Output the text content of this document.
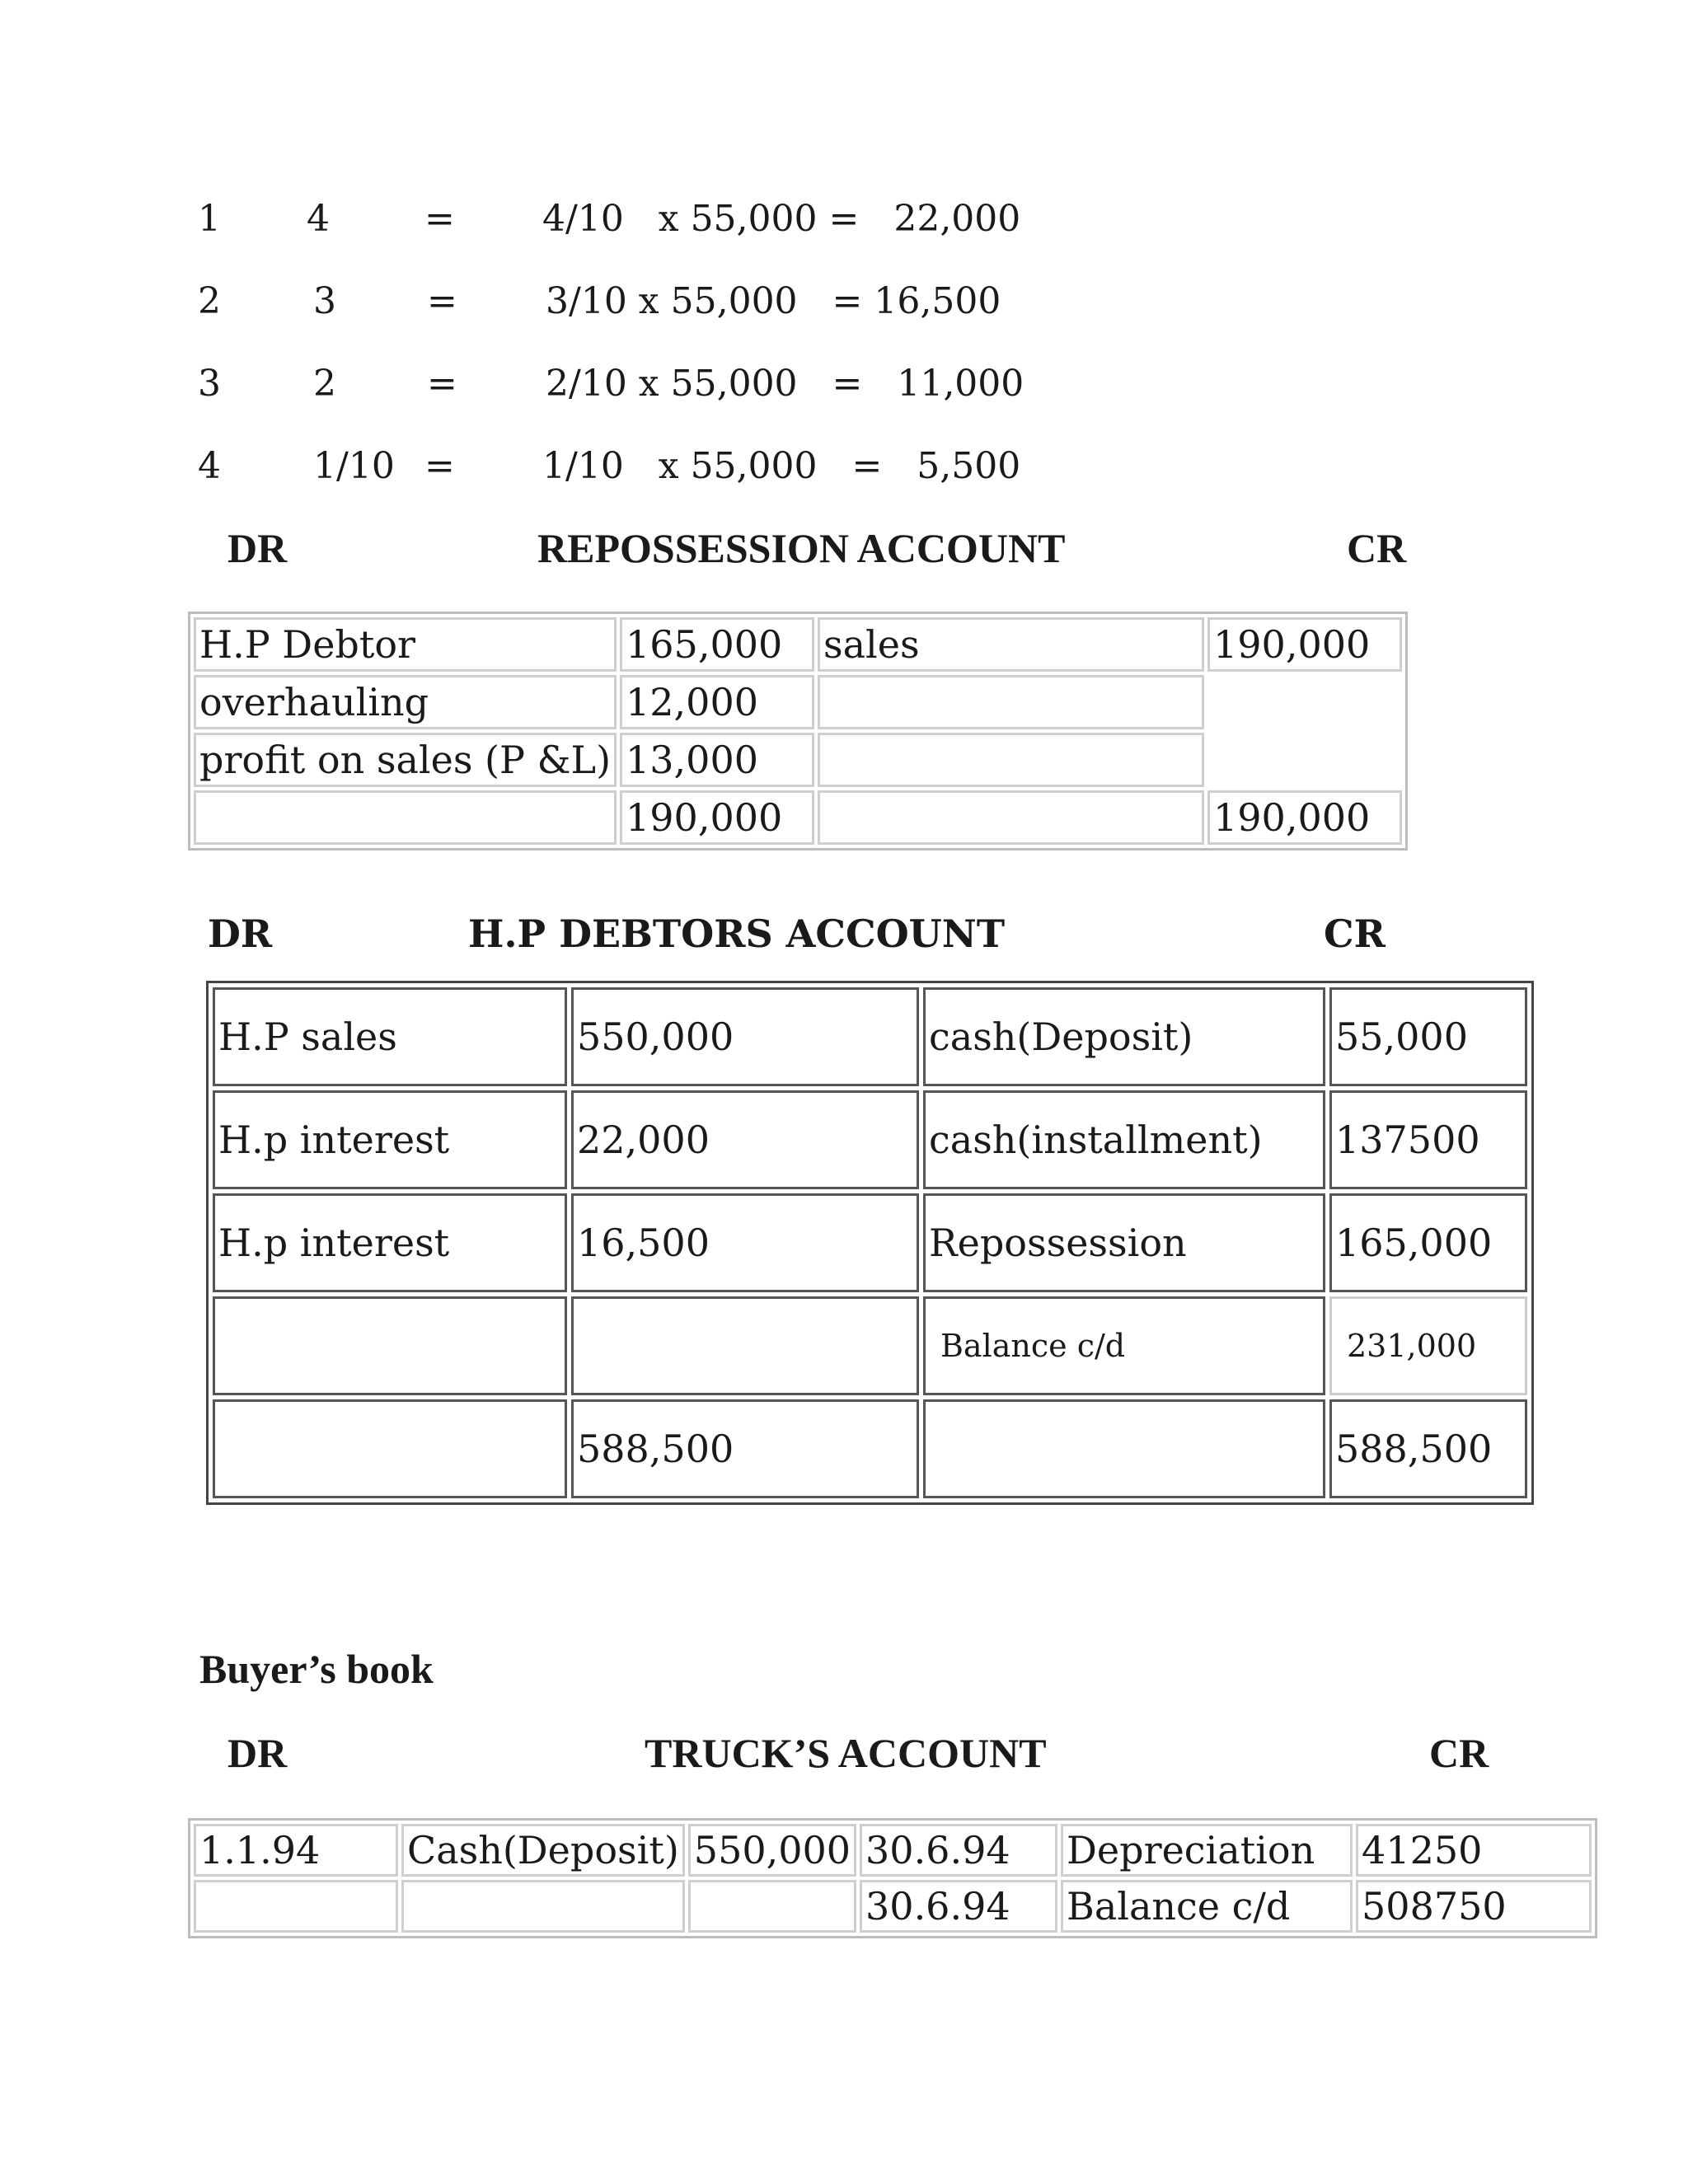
1 4	= 4/10   x 55,000 =   22,000
2	3	= 3/10 x 55,000   = 16,500
3	2	= 2/10 x 55,000   =   11,000
4	1/10 = 1/10   x 55,000   =   5,500
DR	REPOSSESSION ACCOUNT	CR
H.P Debtor	165,000	sales	190,000
overhauling	12,000		
profit on sales (P &L)	13,000		
	190,000		190,000
DR	H.P DEBTORS ACCOUNT	CR
H.P sales	550,000	cash(Deposit)	55,000
H.p interest	22,000	cash(installment)	137500
H.p interest	16,500	Repossession	165,000
		Balance c/d	231,000
	588,500		588,500
Buyer’s book
DR	TRUCK’S ACCOUNT	CR
1.1.94	Cash(Deposit)	550,000	30.6.94	Depreciation	41250
			30.6.94	Balance c/d	508750
